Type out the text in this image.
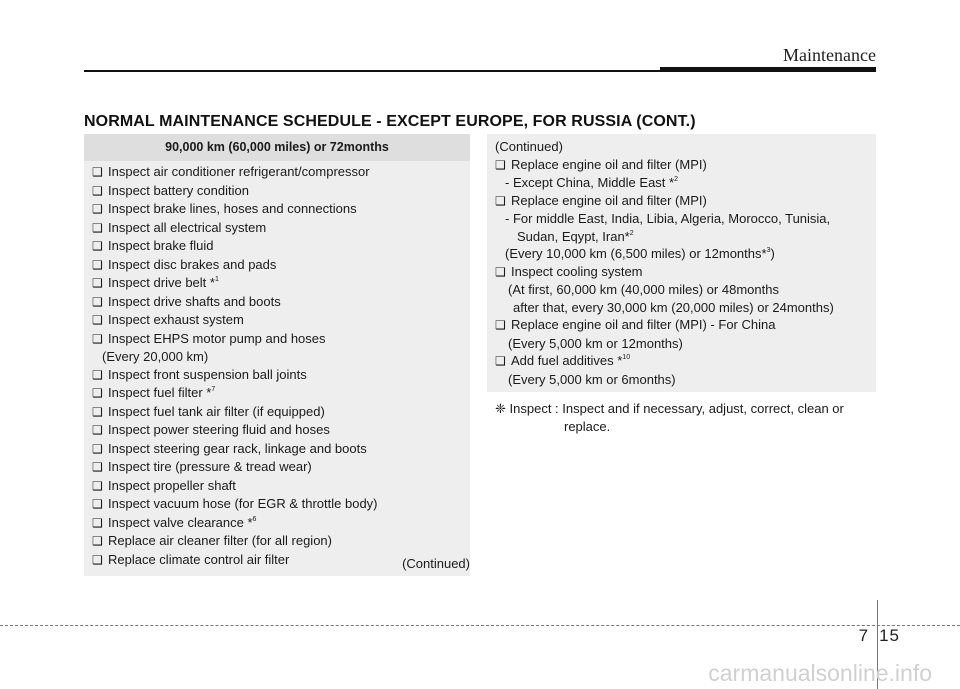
Maintenance
NORMAL MAINTENANCE SCHEDULE - EXCEPT EUROPE, FOR RUSSIA (CONT.)
90,000 km (60,000 miles) or 72months
❑ Inspect air conditioner refrigerant/compressor
❑ Inspect battery condition
❑ Inspect brake lines, hoses and connections
❑ Inspect all electrical system
❑ Inspect brake fluid
❑ Inspect disc brakes and pads
❑ Inspect drive belt *$^1$
❑ Inspect drive shafts and boots
❑ Inspect exhaust system
❑ Inspect EHPS motor pump and hoses
(Every 20,000 km)
❑ Inspect front suspension ball joints
❑ Inspect fuel filter *$^7$
❑ Inspect fuel tank air filter (if equipped)
❑ Inspect power steering fluid and hoses
❑ Inspect steering gear rack, linkage and boots
❑ Inspect tire (pressure & tread wear)
❑ Inspect propeller shaft
❑ Inspect vacuum hose (for EGR & throttle body)
❑ Inspect valve clearance *$^6$
❑ Replace air cleaner filter (for all region)
❑ Replace climate control air filter	(Continued)
(Continued)
❑ Replace engine oil and filter (MPI)
- Except China, Middle East *$^2$
❑ Replace engine oil and filter (MPI)
- For middle East, India, Libia, Algeria, Morocco, Tunisia,
Sudan, Eqypt, Iran*$^2$
(Every 10,000 km (6,500 miles) or 12months*$^3$)
❑ Inspect cooling system
(At first, 60,000 km (40,000 miles) or 48months
after that, every 30,000 km (20,000 miles) or 24months)
❑ Replace engine oil and filter (MPI) - For China
(Every 5,000 km or 12months)
❑ Add fuel additives *$^{10}$
(Every 5,000 km or 6months)
❈ Inspect : Inspect and if necessary, adjust, correct, clean or
replace.
7 15
carmanualsonline.info
